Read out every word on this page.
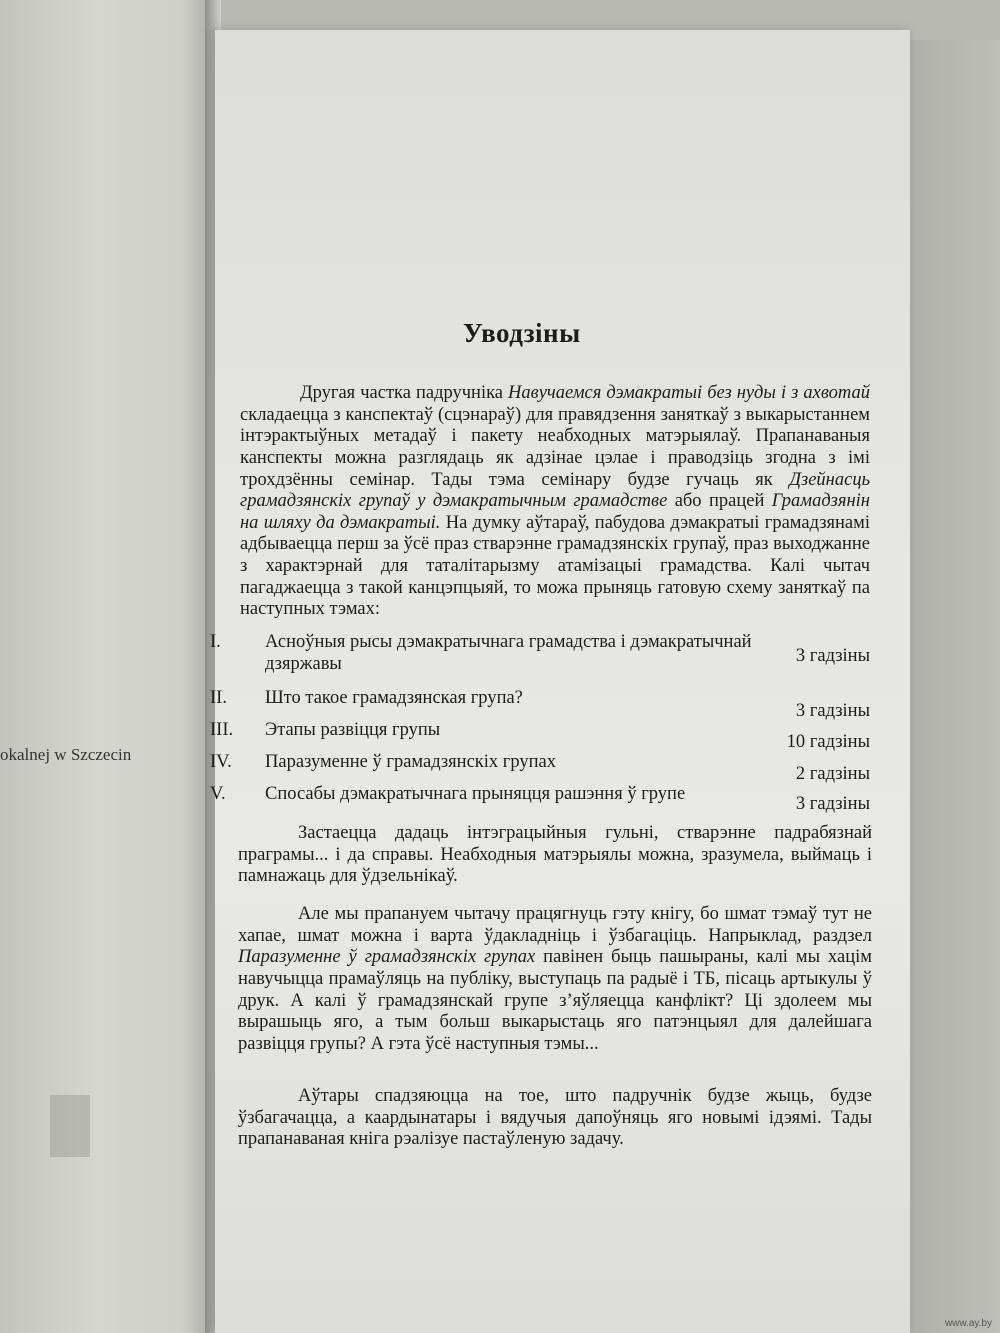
okalnej w Szczecin
Уводзіны

Другая частка падручніка Навучаемся дэмакратыі без нуды і з ахвотай складаецца з канспектаў (сцэнараў) для правядзення заняткаў з выкарыстаннем інтэрактыўных метадаў і пакету неабходных матэрыялаў. Прапанаваныя канспекты можна разглядаць як адзінае цэлае і праводзіць згодна з імі трохдзённы семінар. Тады тэма семінару будзе гучаць як Дзейнасць грамадзянскіх групаў у дэмакратычным грамадстве або працей Грамадзянін на шляху да дэмакратыі. На думку аўтараў, пабудова дэмакратыі грамадзянамі адбываецца перш за ўсё праз стварэнне грамадзянскіх групаў, праз выходжанне з характэрнай для таталітарызму атамізацыі грамадства. Калі чытач пагаджаецца з такой канцэпцыяй, то можа прыняць гатовую схему заняткаў па наступных тэмах:

I. Асноўныя рысы дэмакратычнага грамадства і дэмакратычнай дзяржавы	3 гадзіны
II. Што такое грамадзянская група?
3 гадзіны
III. Этапы развіцця групы
10 гадзіны
IV. Паразуменне ў грамадзянскіх групах
2 гадзіны
V. Спосабы дэмакратычнага прыняцця рашэння ў групе	3 гадзіны

Застаецца дадаць інтэграцыйныя гульні, стварэнне падрабязнай праграмы... і да справы. Неабходныя матэрыялы можна, зразумела, выймаць і памнажаць для ўдзельнікаў.

Але мы прапануем чытачу працягнуць гэту кнігу, бо шмат тэмаў тут не хапае, шмат можна і варта ўдакладніць і ўзбагаціць. Напрыклад, раздзел Паразуменне ў грамадзянскіх групах павінен быць пашыраны, калі мы хацім навучыцца прамаўляць на публіку, выступаць па радыё і ТБ, пісаць артыкулы ў друк. А калі ў грамадзянскай групе з’яўляецца канфлікт? Ці здолеем мы вырашыць яго, а тым больш выкарыстаць яго патэнцыял для далейшага развіцця групы? А гэта ўсё наступныя тэмы...

Аўтары спадзяюцца на тое, што падручнік будзе жыць, будзе ўзбагачацца, а каардынатары і вядучыя дапоўняць яго новымі ідэямі. Тады прапанаваная кніга рэалізуе пастаўленую задачу.

www.ay.by
